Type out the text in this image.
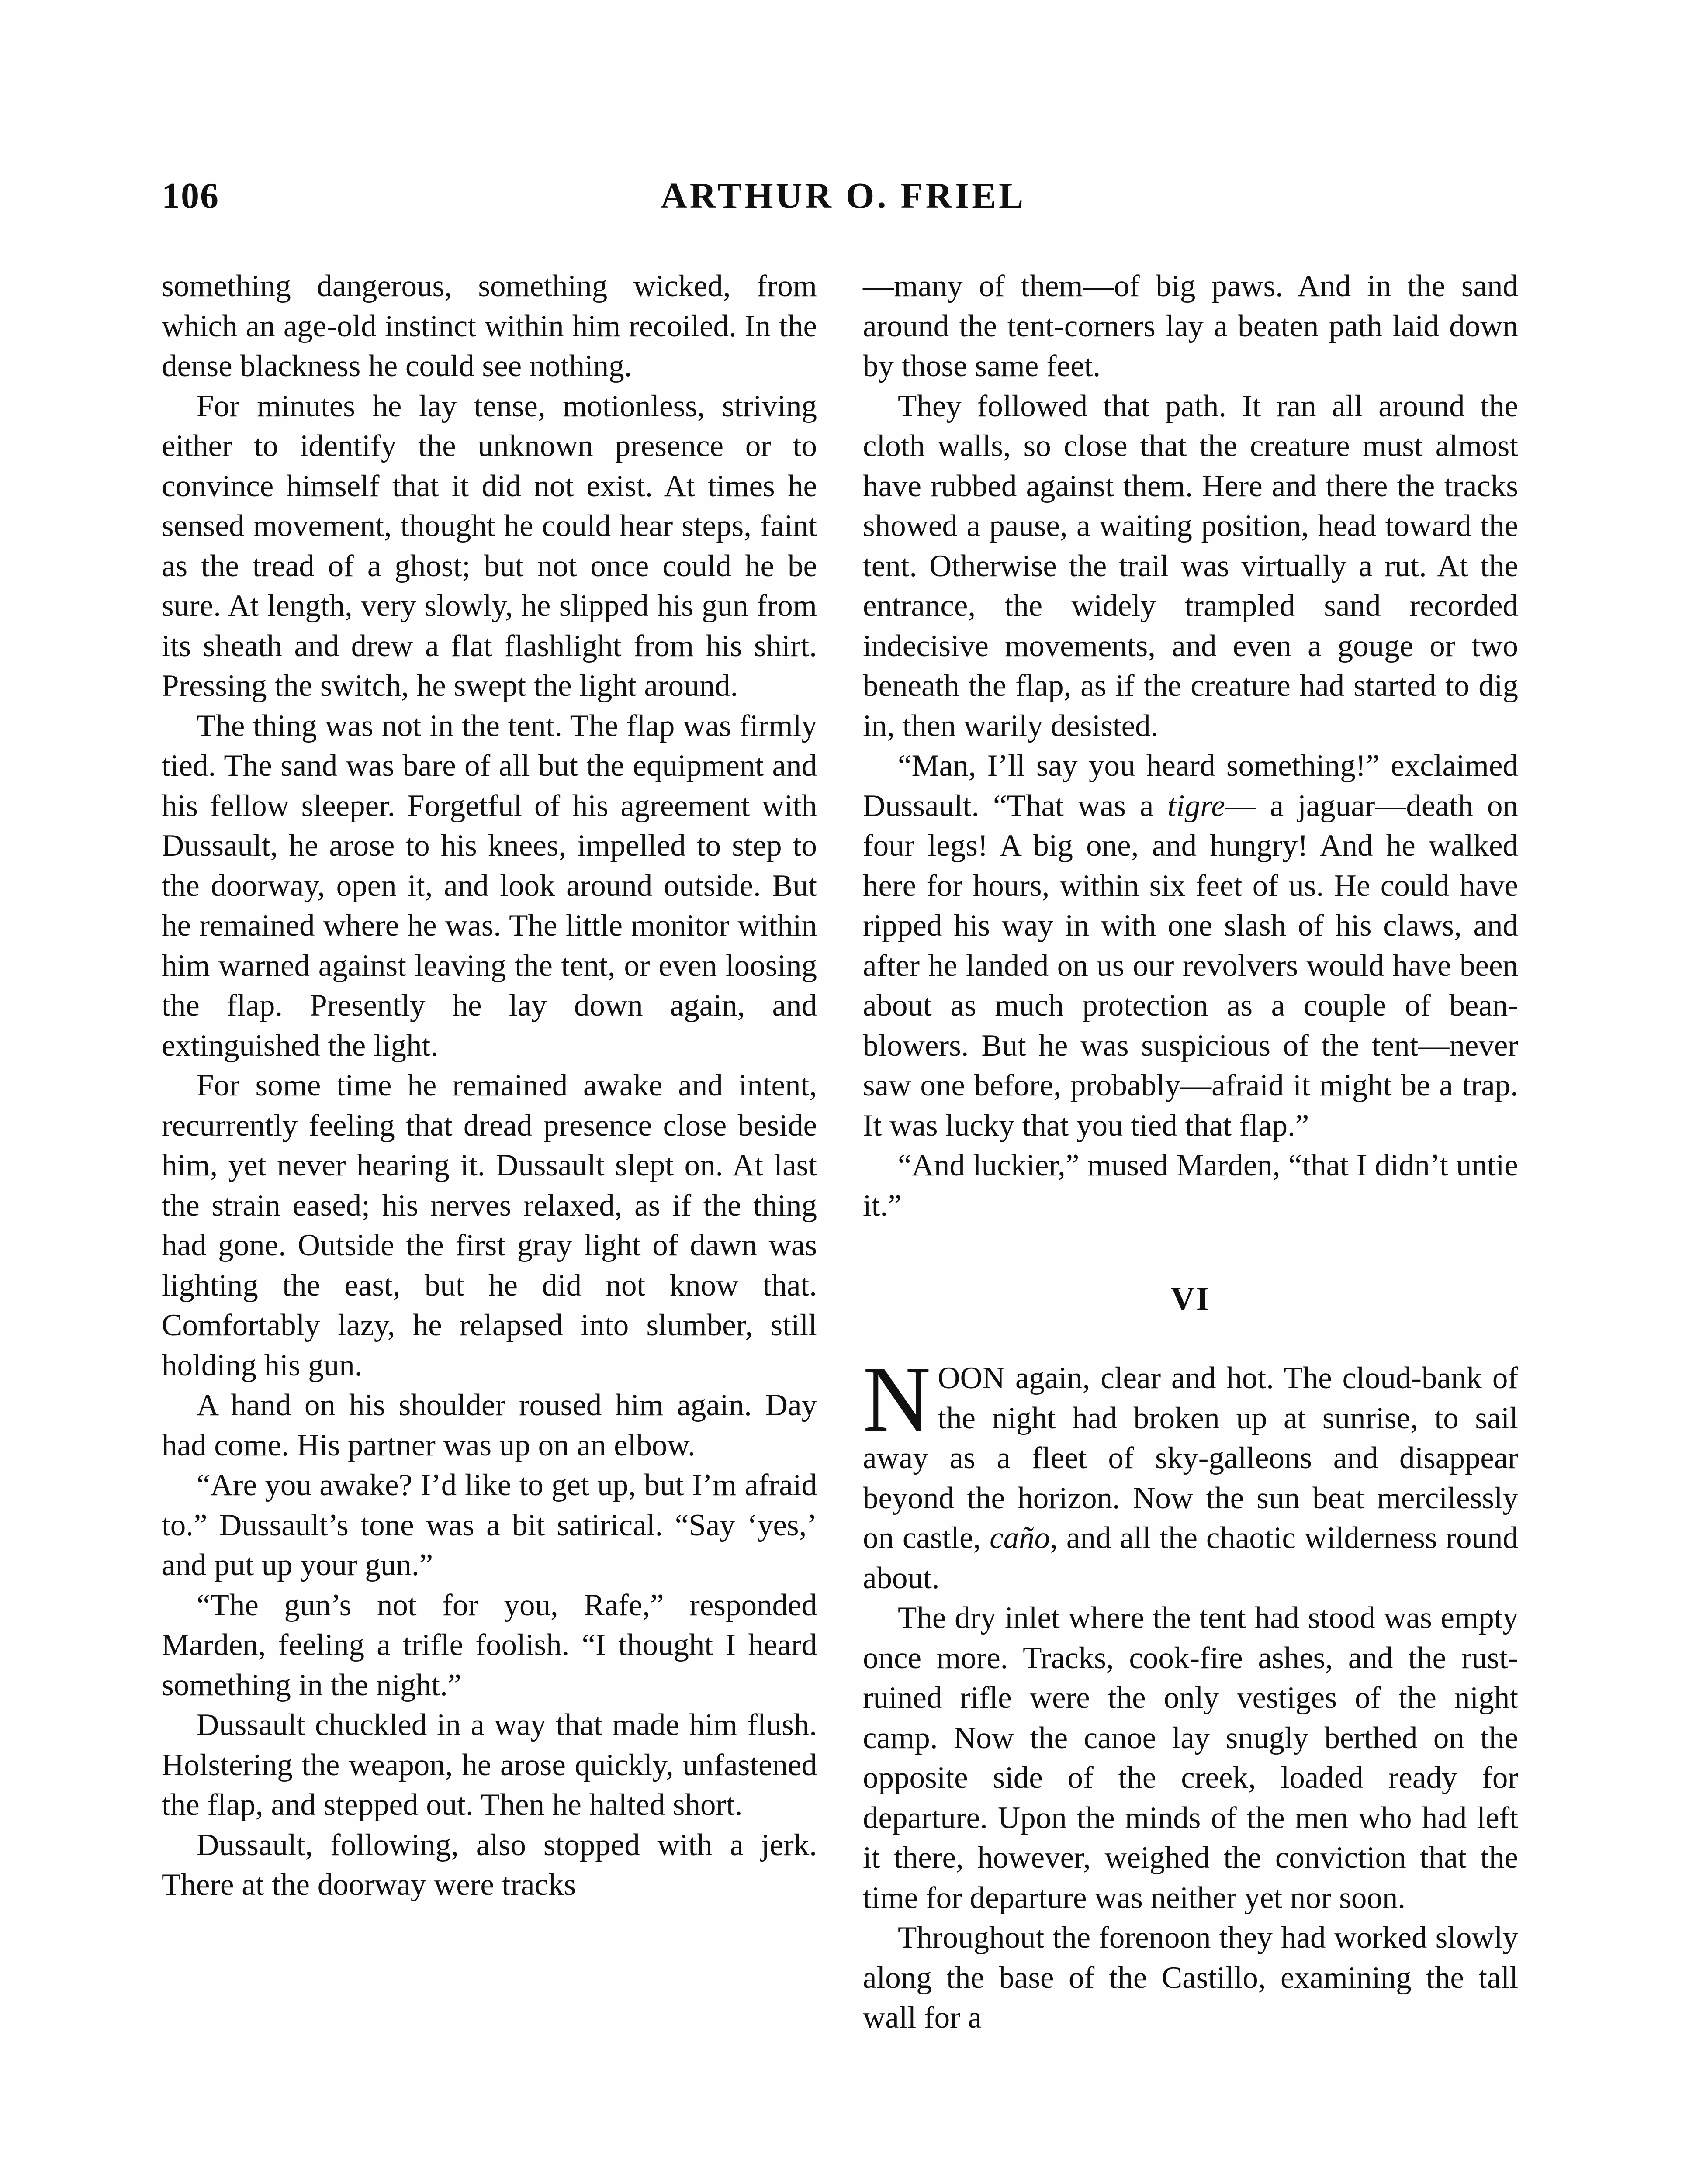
106	ARTHUR O. FRIEL

something dangerous, something wicked, from which an age-old instinct within him recoiled. In the dense blackness he could see nothing.

For minutes he lay tense, motionless, striving either to identify the unknown presence or to convince himself that it did not exist. At times he sensed movement, thought he could hear steps, faint as the tread of a ghost; but not once could he be sure. At length, very slowly, he slipped his gun from its sheath and drew a flat flashlight from his shirt. Pressing the switch, he swept the light around.

The thing was not in the tent. The flap was firmly tied. The sand was bare of all but the equipment and his fellow sleeper. Forgetful of his agreement with Dussault, he arose to his knees, impelled to step to the doorway, open it, and look around outside. But he remained where he was. The little monitor within him warned against leaving the tent, or even loosing the flap. Presently he lay down again, and extinguished the light.

For some time he remained awake and intent, recurrently feeling that dread presence close beside him, yet never hearing it. Dussault slept on. At last the strain eased; his nerves relaxed, as if the thing had gone. Outside the first gray light of dawn was lighting the east, but he did not know that. Comfortably lazy, he relapsed into slumber, still holding his gun.

A hand on his shoulder roused him again. Day had come. His partner was up on an elbow.

“Are you awake? I’d like to get up, but I’m afraid to.” Dussault’s tone was a bit satirical. “Say ‘yes,’ and put up your gun.”

“The gun’s not for you, Rafe,” responded Marden, feeling a trifle foolish. “I thought I heard something in the night.”

Dussault chuckled in a way that made him flush. Holstering the weapon, he arose quickly, unfastened the flap, and stepped out. Then he halted short.

Dussault, following, also stopped with a jerk. There at the doorway were tracks

—many of them—of big paws. And in the sand around the tent-corners lay a beaten path laid down by those same feet.

They followed that path. It ran all around the cloth walls, so close that the creature must almost have rubbed against them. Here and there the tracks showed a pause, a waiting position, head toward the tent. Otherwise the trail was virtually a rut. At the entrance, the widely trampled sand recorded indecisive movements, and even a gouge or two beneath the flap, as if the creature had started to dig in, then warily desisted.

“Man, I’ll say you heard something!” exclaimed Dussault. “That was a tigre— a jaguar—death on four legs! A big one, and hungry! And he walked here for hours, within six feet of us. He could have ripped his way in with one slash of his claws, and after he landed on us our revolvers would have been about as much protection as a couple of bean-blowers. But he was suspicious of the tent—never saw one before, probably—afraid it might be a trap. It was lucky that you tied that flap.”

“And luckier,” mused Marden, “that I didn’t untie it.”

VI

NOON again, clear and hot. The cloud-bank of the night had broken up at sunrise, to sail away as a fleet of sky-galleons and disappear beyond the horizon. Now the sun beat mercilessly on castle, caño, and all the chaotic wilderness round about.

The dry inlet where the tent had stood was empty once more. Tracks, cook-fire ashes, and the rust-ruined rifle were the only vestiges of the night camp. Now the canoe lay snugly berthed on the opposite side of the creek, loaded ready for departure. Upon the minds of the men who had left it there, however, weighed the conviction that the time for departure was neither yet nor soon.

Throughout the forenoon they had worked slowly along the base of the Castillo, examining the tall wall for a
